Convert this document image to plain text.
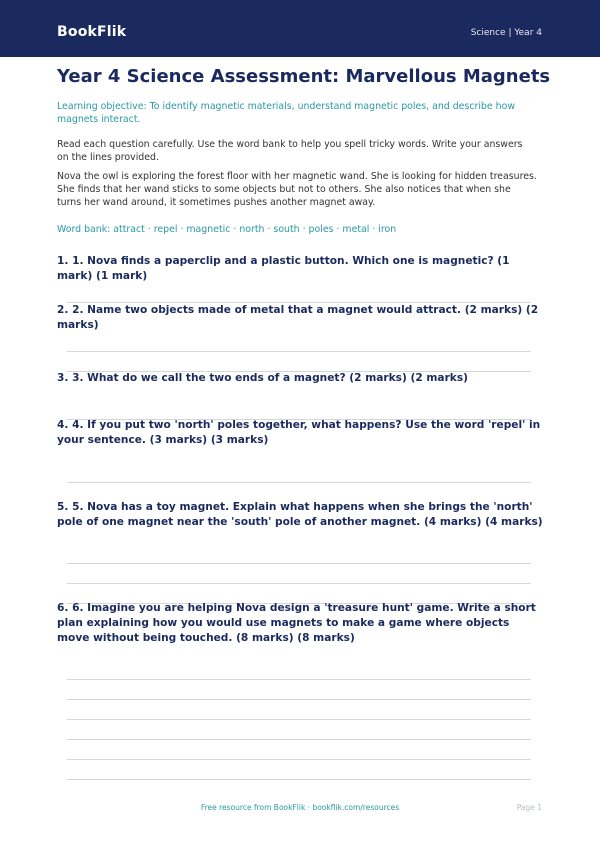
BookFlik	Science | Year 4
Year 4 Science Assessment: Marvellous Magnets

Learning objective: To identify magnetic materials, understand magnetic poles, and describe how magnets interact.

Read each question carefully. Use the word bank to help you spell tricky words. Write your answers on the lines provided.

Nova the owl is exploring the forest floor with her magnetic wand. She is looking for hidden treasures. She finds that her wand sticks to some objects but not to others. She also notices that when she turns her wand around, it sometimes pushes another magnet away.

Word bank: attract · repel · magnetic · north · south · poles · metal · iron

1. 1. Nova finds a paperclip and a plastic button. Which one is magnetic? (1 mark) (1 mark)

2. 2. Name two objects made of metal that a magnet would attract. (2 marks) (2 marks)

3. 3. What do we call the two ends of a magnet? (2 marks) (2 marks)

4. 4. If you put two 'north' poles together, what happens? Use the word 'repel' in your sentence. (3 marks) (3 marks)

5. 5. Nova has a toy magnet. Explain what happens when she brings the 'north' pole of one magnet near the 'south' pole of another magnet. (4 marks) (4 marks)

6. 6. Imagine you are helping Nova design a 'treasure hunt' game. Write a short plan explaining how you would use magnets to make a game where objects move without being touched. (8 marks) (8 marks)

Free resource from BookFlik · bookflik.com/resources	Page 1
